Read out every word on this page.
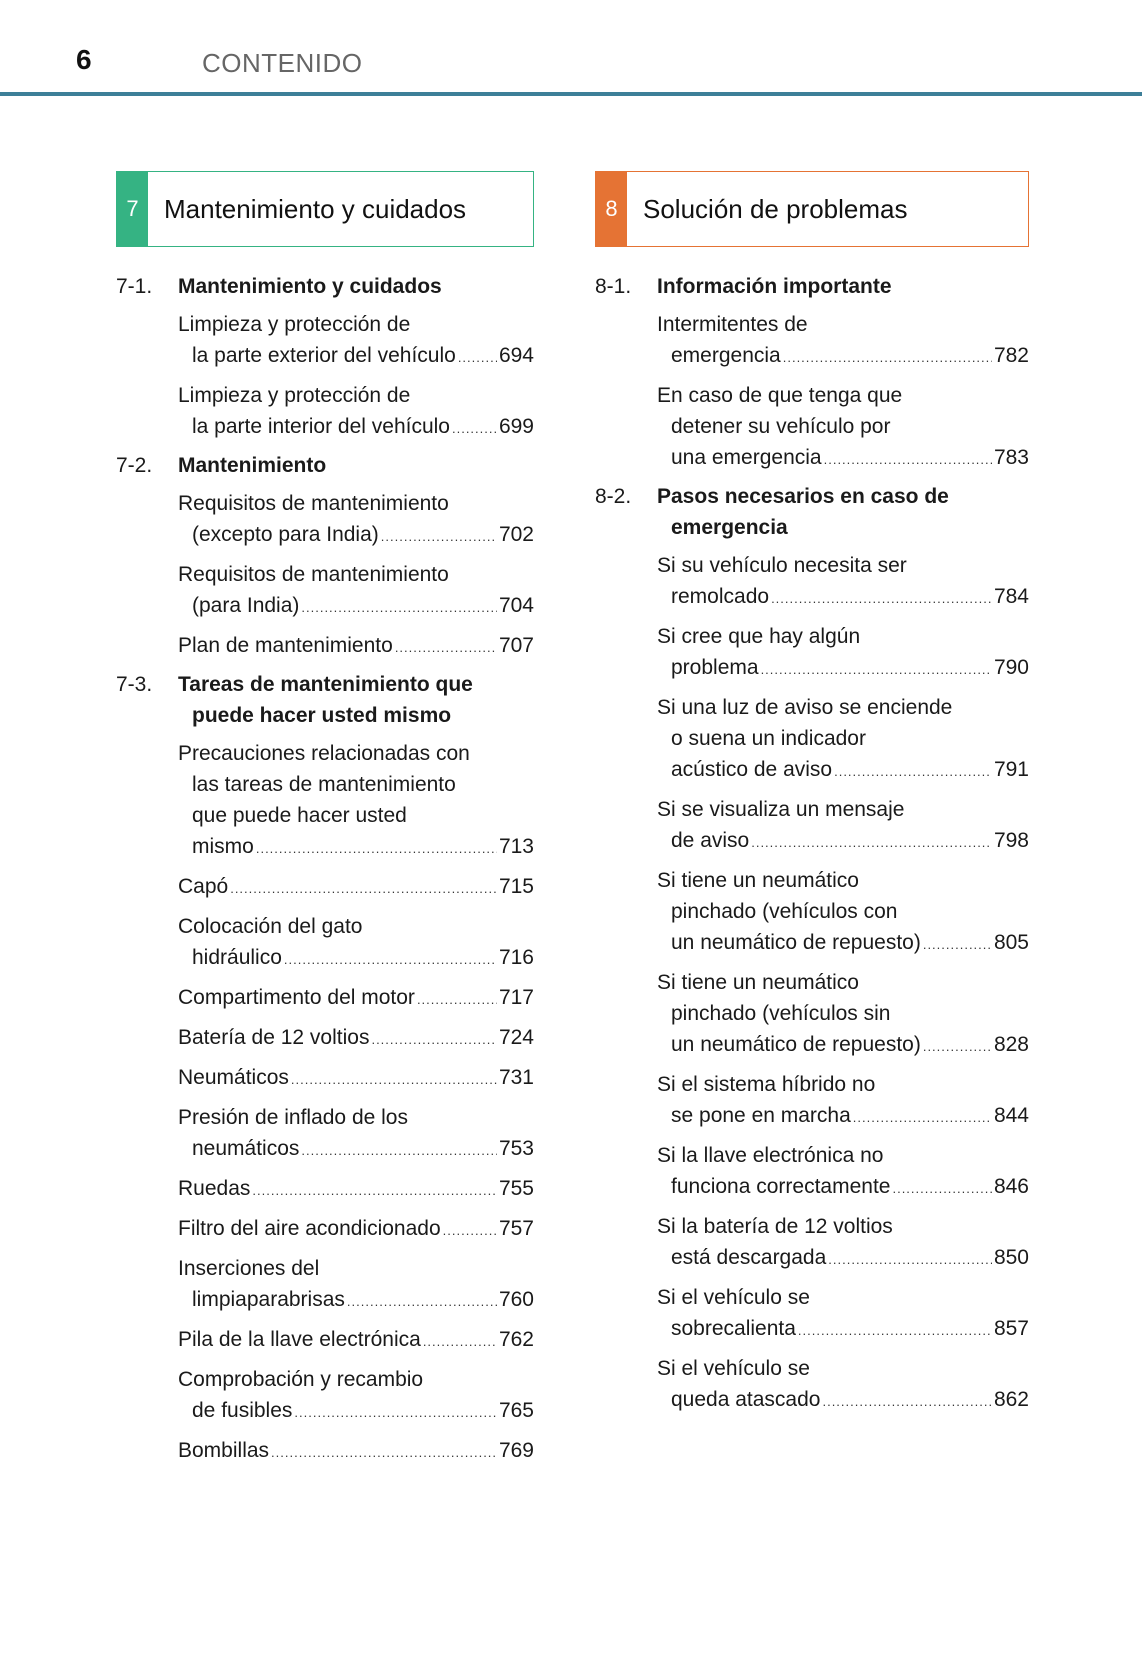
6	CONTENIDO
7 Mantenimiento y cuidados
7-1. Mantenimiento y cuidados
Limpieza y protección de
la parte exterior del vehículo ..... 694
Limpieza y protección de
la parte interior del vehículo ..... 699
7-2. Mantenimiento
Requisitos de mantenimiento
(excepto para India) .....	702
Requisitos de mantenimiento
(para India) .....	704
Plan de mantenimiento .....	707
7-3. Tareas de mantenimiento que
puede hacer usted mismo
Precauciones relacionadas con
las tareas de mantenimiento
que puede hacer usted
mismo .....	713
Capó .....	715
Colocación del gato
hidráulico .....	716
Compartimento del motor .....	717
Batería de 12 voltios .....	724
Neumáticos .....	731
Presión de inflado de los
neumáticos .....	753
Ruedas .....	755
Filtro del aire acondicionado .....	757
Inserciones del
limpiaparabrisas .....	760
Pila de la llave electrónica .....	762
Comprobación y recambio
de fusibles .....	765
Bombillas .....	769
8 Solución de problemas
8-1. Información importante
Intermitentes de
emergencia .....	782
En caso de que tenga que
detener su vehículo por
una emergencia .....	783
8-2. Pasos necesarios en caso de
emergencia
Si su vehículo necesita ser
remolcado .....	784
Si cree que hay algún
problema .....	790
Si una luz de aviso se enciende
o suena un indicador
acústico de aviso .....	791
Si se visualiza un mensaje
de aviso .....	798
Si tiene un neumático
pinchado (vehículos con
un neumático de repuesto) .....	805
Si tiene un neumático
pinchado (vehículos sin
un neumático de repuesto) .....	828
Si el sistema híbrido no
se pone en marcha .....	844
Si la llave electrónica no
funciona correctamente .....	846
Si la batería de 12 voltios
está descargada .....	850
Si el vehículo se
sobrecalienta .....	857
Si el vehículo se
queda atascado .....	862
